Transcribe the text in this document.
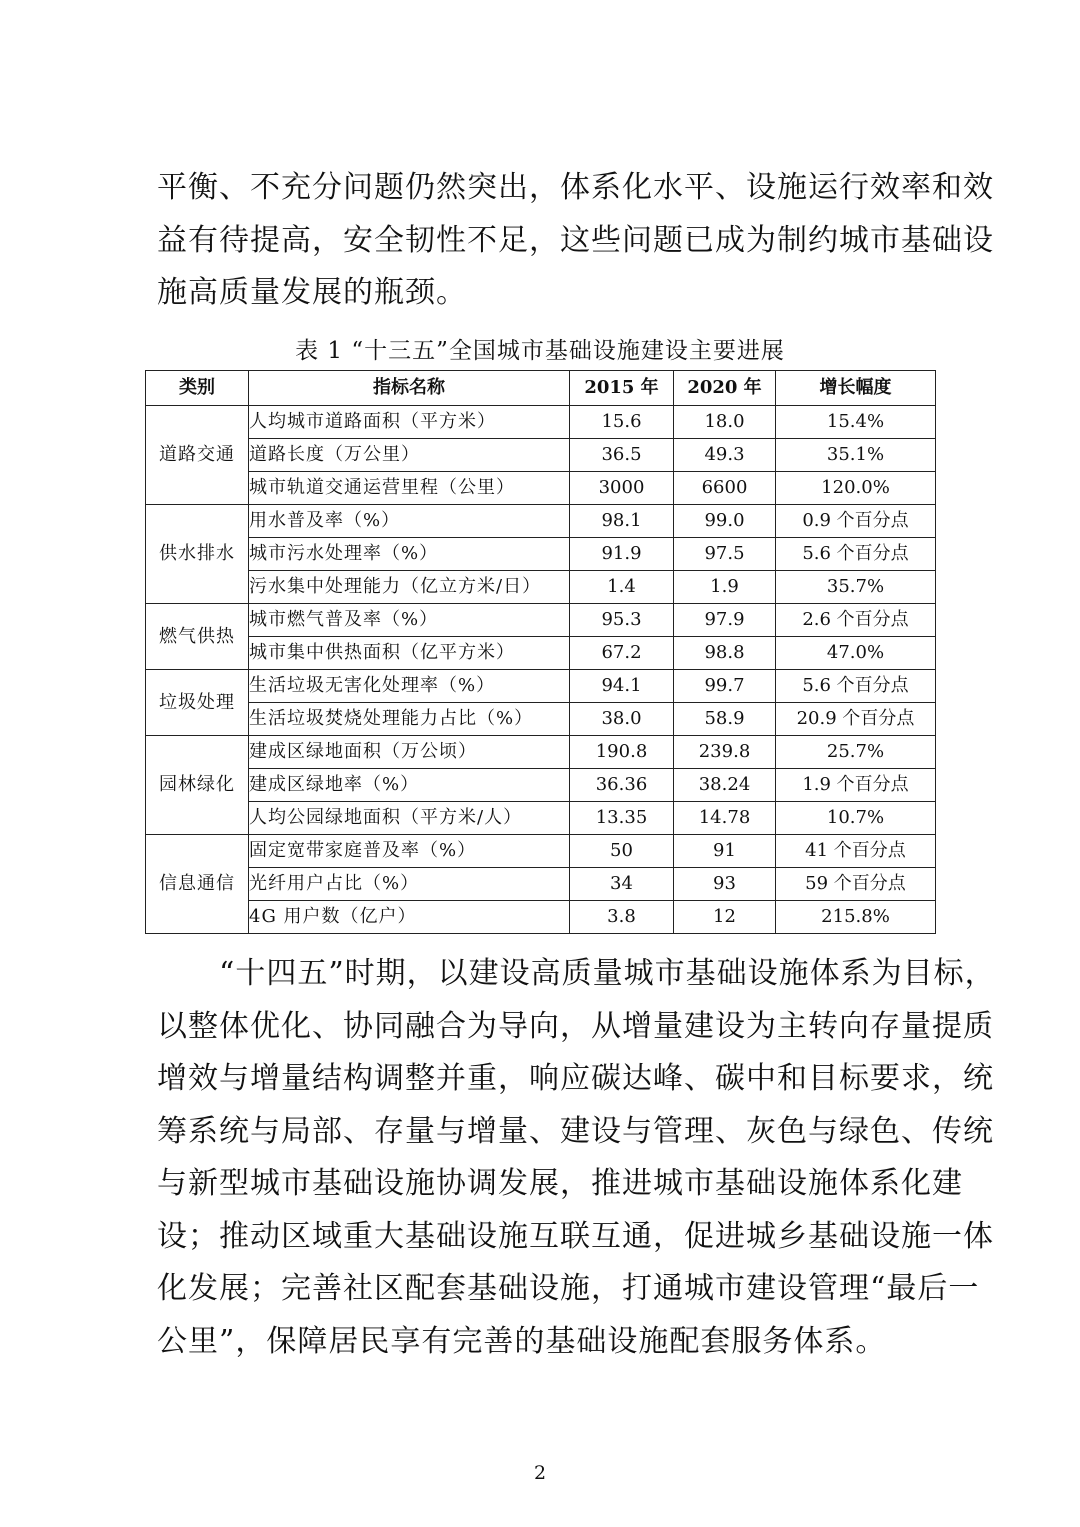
平衡、不充分问题仍然突出，体系化水平、设施运行效率和效
益有待提高，安全韧性不足，这些问题已成为制约城市基础设
施高质量发展的瓶颈。

表 1 “十三五”全国城市基础设施建设主要进展
类别	指标名称	2015 年	2020 年	增长幅度
道路交通	人均城市道路面积（平方米）	15.6	18.0	15.4%
	道路长度（万公里）	36.5	49.3	35.1%
	城市轨道交通运营里程（公里）	3000	6600	120.0%
供水排水	用水普及率（%）	98.1	99.0	0.9 个百分点
	城市污水处理率（%）	91.9	97.5	5.6 个百分点
	污水集中处理能力（亿立方米/日）	1.4	1.9	35.7%
燃气供热	城市燃气普及率（%）	95.3	97.9	2.6 个百分点
	城市集中供热面积（亿平方米）	67.2	98.8	47.0%
垃圾处理	生活垃圾无害化处理率（%）	94.1	99.7	5.6 个百分点
	生活垃圾焚烧处理能力占比（%）	38.0	58.9	20.9 个百分点
园林绿化	建成区绿地面积（万公顷）	190.8	239.8	25.7%
	建成区绿地率（%）	36.36	38.24	1.9 个百分点
	人均公园绿地面积（平方米/人）	13.35	14.78	10.7%
信息通信	固定宽带家庭普及率（%）	50	91	41 个百分点
	光纤用户占比（%）	34	93	59 个百分点
	4G 用户数（亿户）	3.8	12	215.8%

　　“十四五”时期，以建设高质量城市基础设施体系为目标，
以整体优化、协同融合为导向，从增量建设为主转向存量提质
增效与增量结构调整并重，响应碳达峰、碳中和目标要求，统
筹系统与局部、存量与增量、建设与管理、灰色与绿色、传统
与新型城市基础设施协调发展，推进城市基础设施体系化建
设；推动区域重大基础设施互联互通，促进城乡基础设施一体
化发展；完善社区配套基础设施，打通城市建设管理“最后一
公里”，保障居民享有完善的基础设施配套服务体系。

2
